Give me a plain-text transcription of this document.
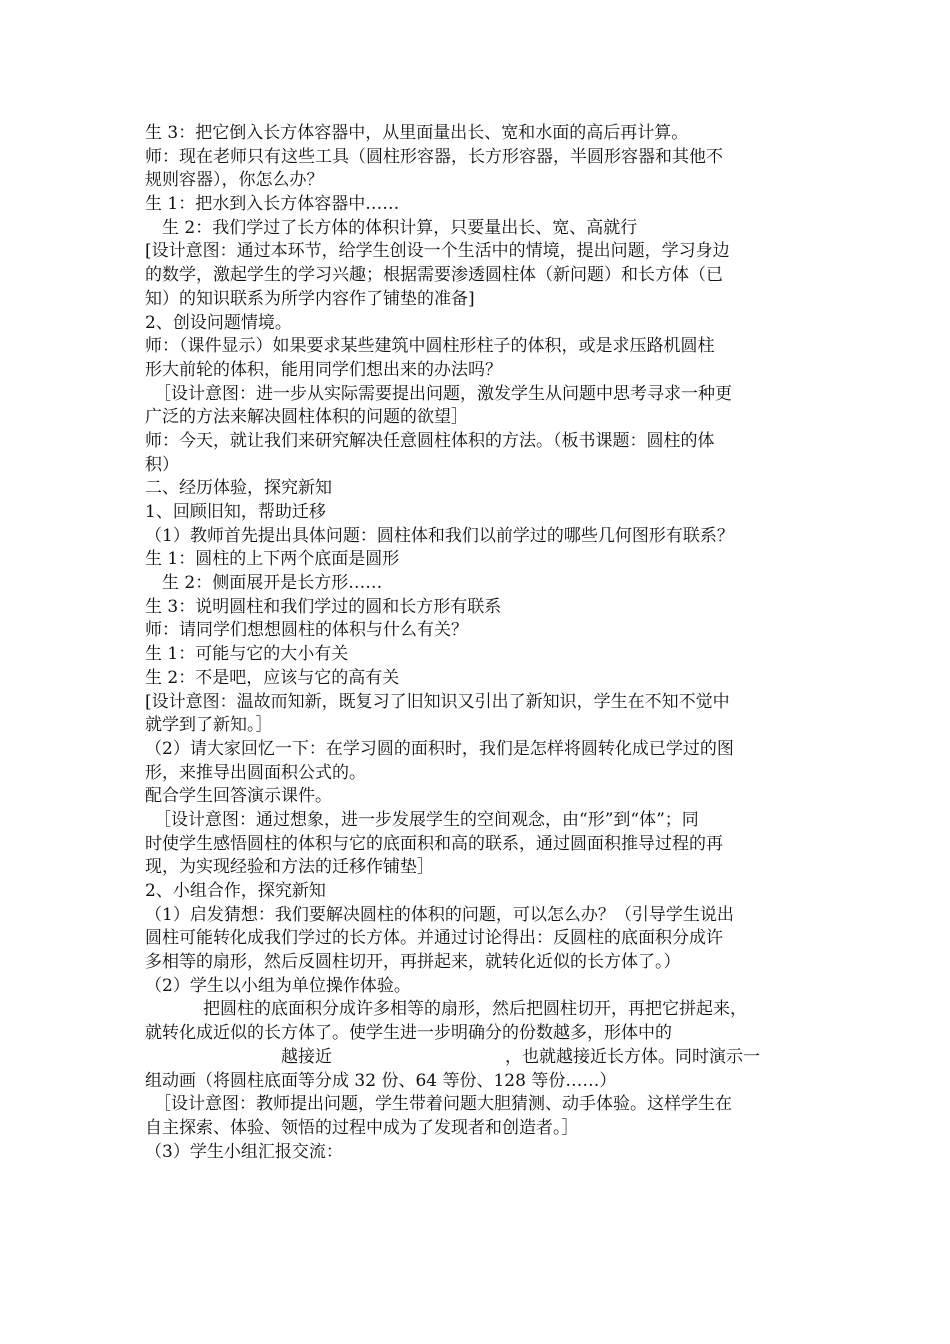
生 3：把它倒入长方体容器中，从里面量出长、宽和水面的高后再计算。
师：现在老师只有这些工具（圆柱形容器，长方形容器，半圆形容器和其他不
规则容器），你怎么办？
生 1：把水到入长方体容器中……
生 2：我们学过了长方体的体积计算，只要量出长、宽、高就行
[设计意图：通过本环节，给学生创设一个生活中的情境，提出问题，学习身边
的数学，激起学生的学习兴趣；根据需要渗透圆柱体（新问题）和长方体（已
知）的知识联系为所学内容作了铺垫的准备]
2、创设问题情境。
师：（课件显示）如果要求某些建筑中圆柱形柱子的体积，或是求压路机圆柱
形大前轮的体积，能用同学们想出来的办法吗？
［设计意图：进一步从实际需要提出问题，激发学生从问题中思考寻求一种更
广泛的方法来解决圆柱体积的问题的欲望］
师：今天，就让我们来研究解决任意圆柱体积的方法。（板书课题：圆柱的体
积）
二、经历体验，探究新知
1、回顾旧知，帮助迁移
（1）教师首先提出具体问题：圆柱体和我们以前学过的哪些几何图形有联系？
生 1：圆柱的上下两个底面是圆形
生 2：侧面展开是长方形……
生 3：说明圆柱和我们学过的圆和长方形有联系
师：请同学们想想圆柱的体积与什么有关？
生 1：可能与它的大小有关
生 2：不是吧，应该与它的高有关
[设计意图：温故而知新，既复习了旧知识又引出了新知识，学生在不知不觉中
就学到了新知。］
（2）请大家回忆一下：在学习圆的面积时，我们是怎样将圆转化成已学过的图
形，来推导出圆面积公式的。
配合学生回答演示课件。
［设计意图：通过想象，进一步发展学生的空间观念，由“形”到“体”；同
时使学生感悟圆柱的体积与它的底面积和高的联系，通过圆面积推导过程的再
现，为实现经验和方法的迁移作铺垫］
2、小组合作，探究新知
（1）启发猜想：我们要解决圆柱的体积的问题，可以怎么办？（引导学生说出
圆柱可能转化成我们学过的长方体。并通过讨论得出：反圆柱的底面积分成许
多相等的扇形，然后反圆柱切开，再拼起来，就转化近似的长方体了。）
（2）学生以小组为单位操作体验。
把圆柱的底面积分成许多相等的扇形，然后把圆柱切开，再把它拼起来，
就转化成近似的长方体了。使学生进一步明确分的份数越多，形体中的
越接近	，也就越接近长方体。同时演示一
组动画（将圆柱底面等分成 32 份、64 等份、128 等份……）
［设计意图：教师提出问题，学生带着问题大胆猜测、动手体验。这样学生在
自主探索、体验、领悟的过程中成为了发现者和创造者。］
（3）学生小组汇报交流：
